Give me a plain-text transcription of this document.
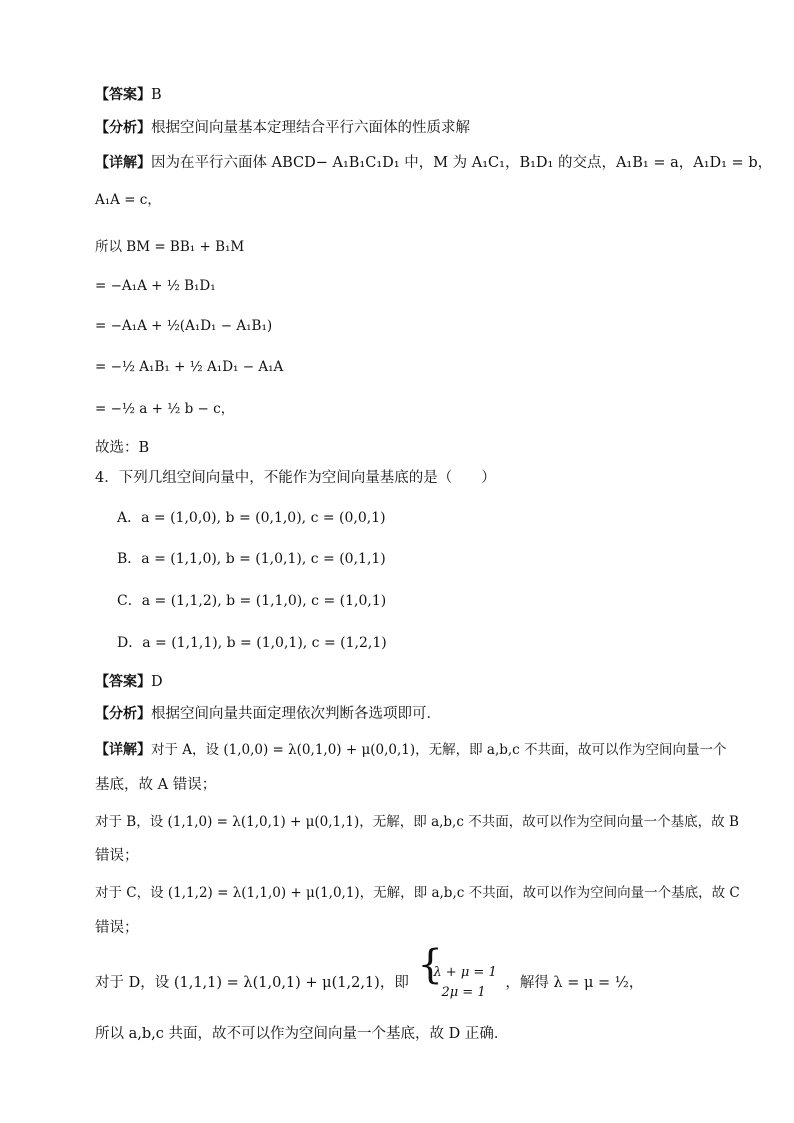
【答案】B
【分析】根据空间向量基本定理结合平行六面体的性质求解
【详解】因为在平行六面体 ABCD− A₁B₁C₁D₁ 中，M 为 A₁C₁，B₁D₁ 的交点，A₁B₁ = a，A₁D₁ = b，
A₁A = c，
所以 BM = BB₁ + B₁M
= −A₁A + ½ B₁D₁
= −A₁A + ½(A₁D₁ − A₁B₁)
= −½ A₁B₁ + ½ A₁D₁ − A₁A
= −½ a + ½ b − c，
故选：B
4．下列几组空间向量中，不能作为空间向量基底的是（　　）
A．a = (1,0,0), b = (0,1,0), c = (0,0,1)
B．a = (1,1,0), b = (1,0,1), c = (0,1,1)
C．a = (1,1,2), b = (1,1,0), c = (1,0,1)
D．a = (1,1,1), b = (1,0,1), c = (1,2,1)
【答案】D
【分析】根据空间向量共面定理依次判断各选项即可．
【详解】对于 A，设 (1,0,0) = λ(0,1,0) + μ(0,0,1)，无解，即 a,b,c 不共面，故可以作为空间向量一个
基底，故 A 错误；
对于 B，设 (1,1,0) = λ(1,0,1) + μ(0,1,1)，无解，即 a,b,c 不共面，故可以作为空间向量一个基底，故 B
错误；
对于 C，设 (1,1,2) = λ(1,1,0) + μ(1,0,1)，无解，即 a,b,c 不共面，故可以作为空间向量一个基底，故 C
错误；
对于 D，设 (1,1,1) = λ(1,0,1) + μ(1,2,1)，即 {
λ + μ = 1
2μ = 1
，解得 λ = μ = ½，
所以 a,b,c 共面，故不可以作为空间向量一个基底，故 D 正确．
